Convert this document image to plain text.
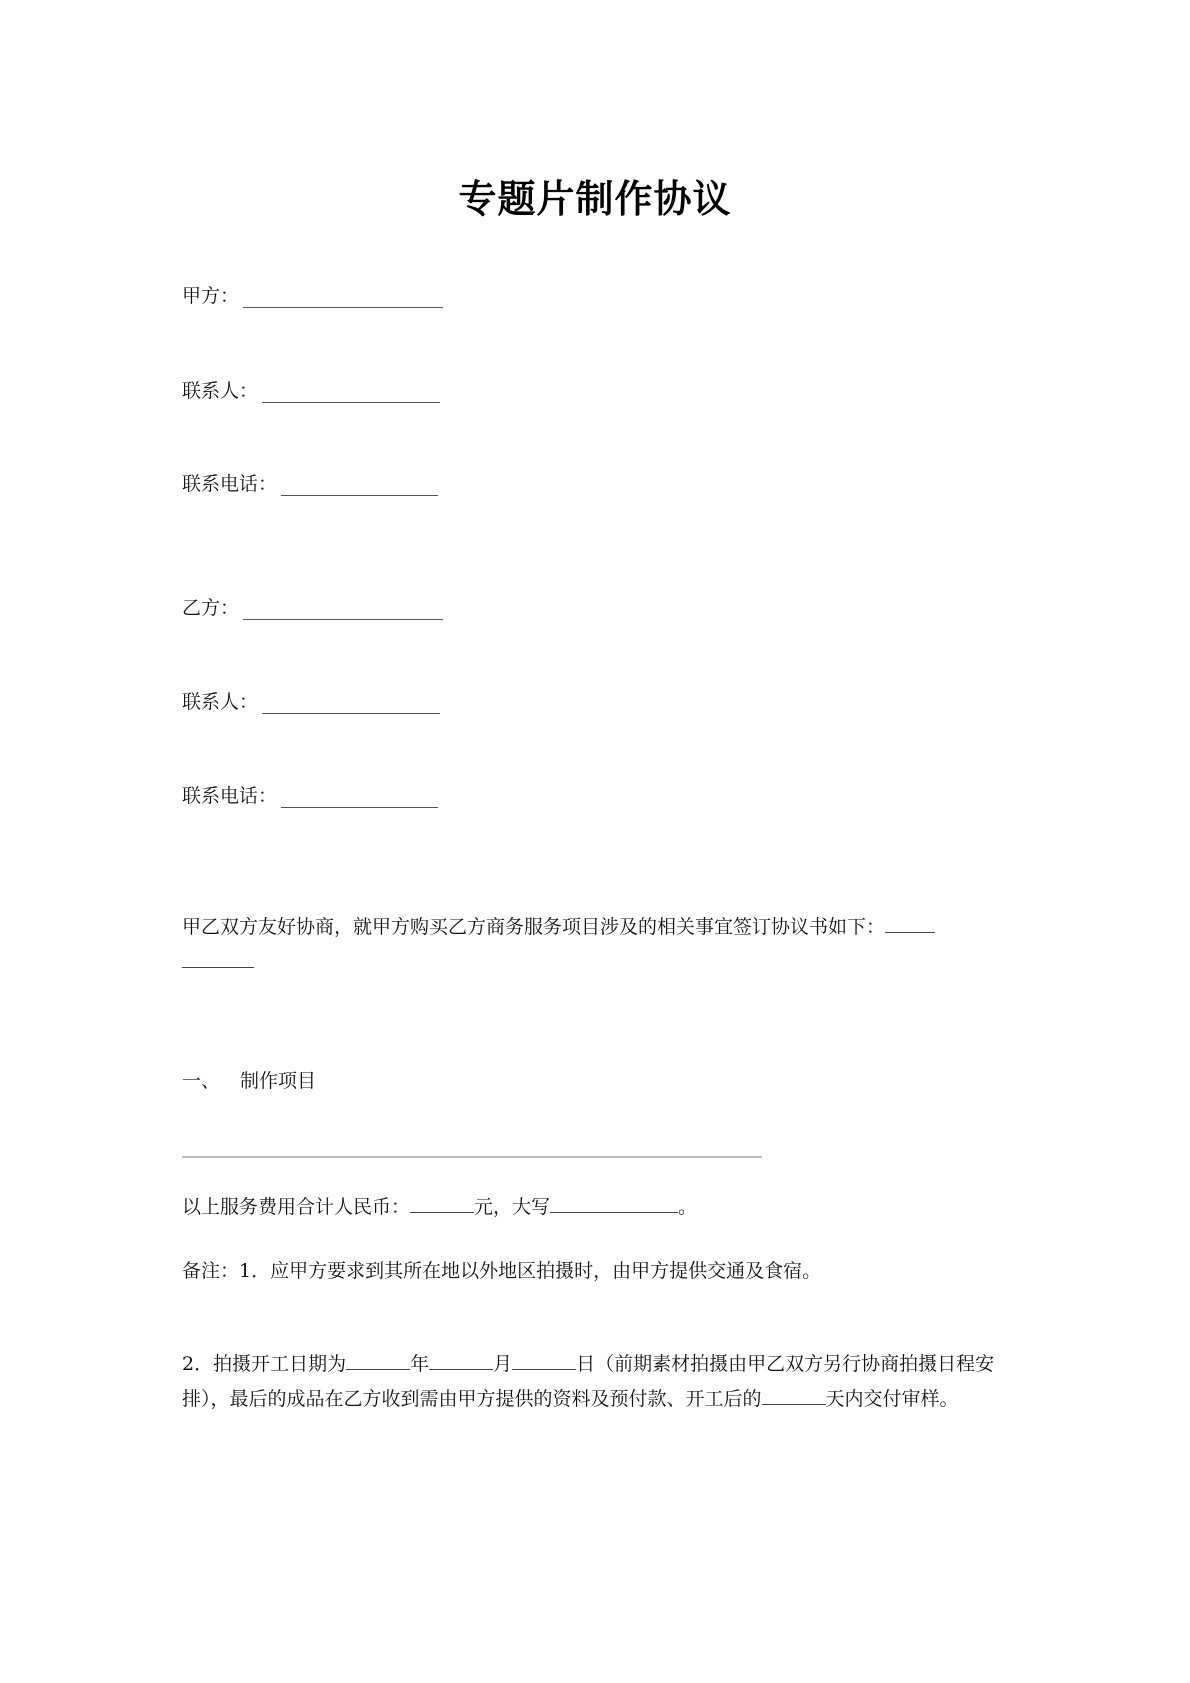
专题片制作协议
甲方：
联系人：
联系电话：
乙方：
联系人：
联系电话：
甲乙双方友好协商，就甲方购买乙方商务服务项目涉及的相关事宜签订协议书如下：

一、 制作项目
以上服务费用合计人民币：	元，大写	。
备注：1．应甲方要求到其所在地以外地区拍摄时，由甲方提供交通及食宿。
2．拍摄开工日期为	年	月	日（前期素材拍摄由甲乙双方另行协商拍摄日程安排），最后的成品在乙方收到需由甲方提供的资料及预付款、开工后的	天内交付审样。
